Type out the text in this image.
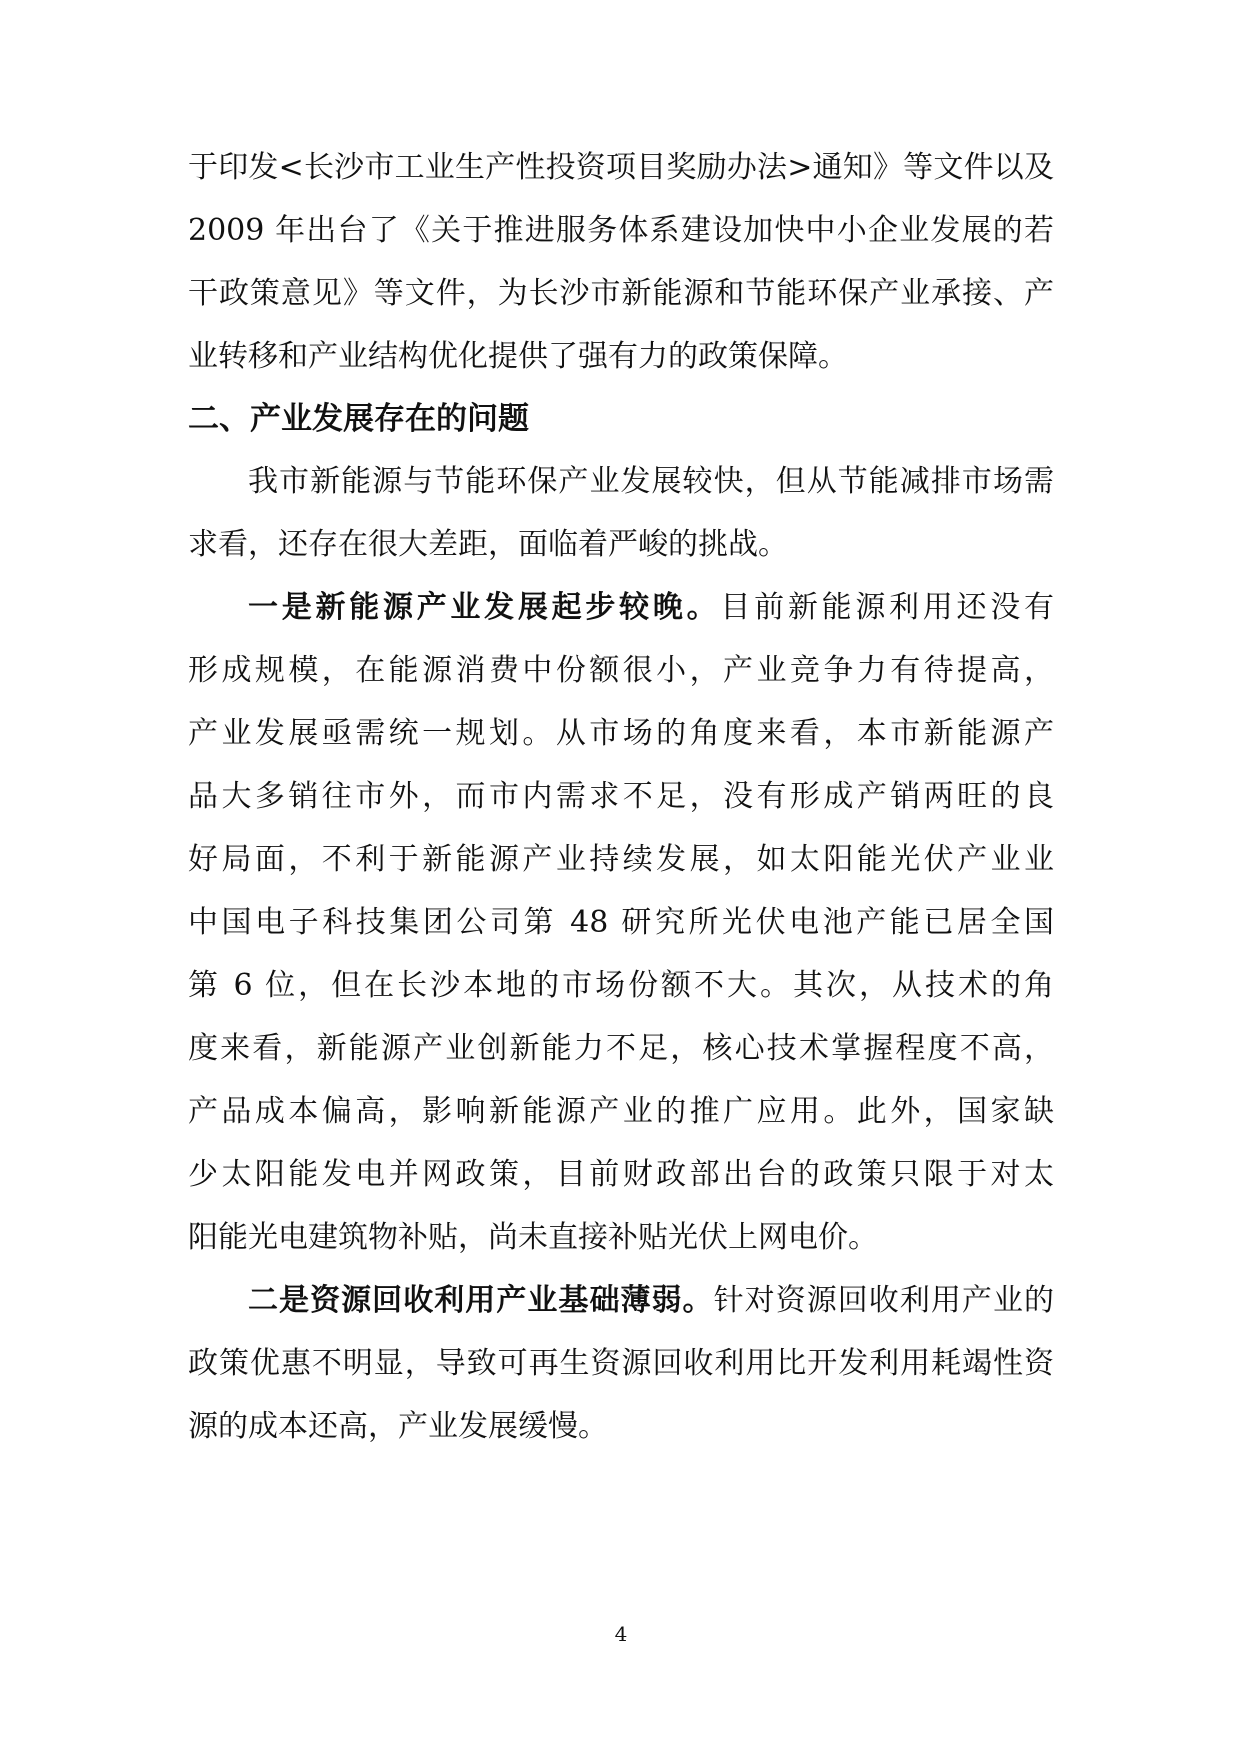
于印发<长沙市工业生产性投资项目奖励办法>通知》等文件以及
2009 年出台了《关于推进服务体系建设加快中小企业发展的若
干政策意见》等文件，为长沙市新能源和节能环保产业承接、产
业转移和产业结构优化提供了强有力的政策保障。
二、产业发展存在的问题
我市新能源与节能环保产业发展较快，但从节能减排市场需
求看，还存在很大差距，面临着严峻的挑战。
一是新能源产业发展起步较晚。目前新能源利用还没有
形成规模，在能源消费中份额很小，产业竞争力有待提高，
产业发展亟需统一规划。从市场的角度来看，本市新能源产
品大多销往市外，而市内需求不足，没有形成产销两旺的良
好局面，不利于新能源产业持续发展，如太阳能光伏产业业
中国电子科技集团公司第 48 研究所光伏电池产能已居全国
第 6 位，但在长沙本地的市场份额不大。其次，从技术的角
度来看，新能源产业创新能力不足，核心技术掌握程度不高，
产品成本偏高，影响新能源产业的推广应用。此外，国家缺
少太阳能发电并网政策，目前财政部出台的政策只限于对太
阳能光电建筑物补贴，尚未直接补贴光伏上网电价。
二是资源回收利用产业基础薄弱。针对资源回收利用产业的
政策优惠不明显，导致可再生资源回收利用比开发利用耗竭性资
源的成本还高，产业发展缓慢。
4
